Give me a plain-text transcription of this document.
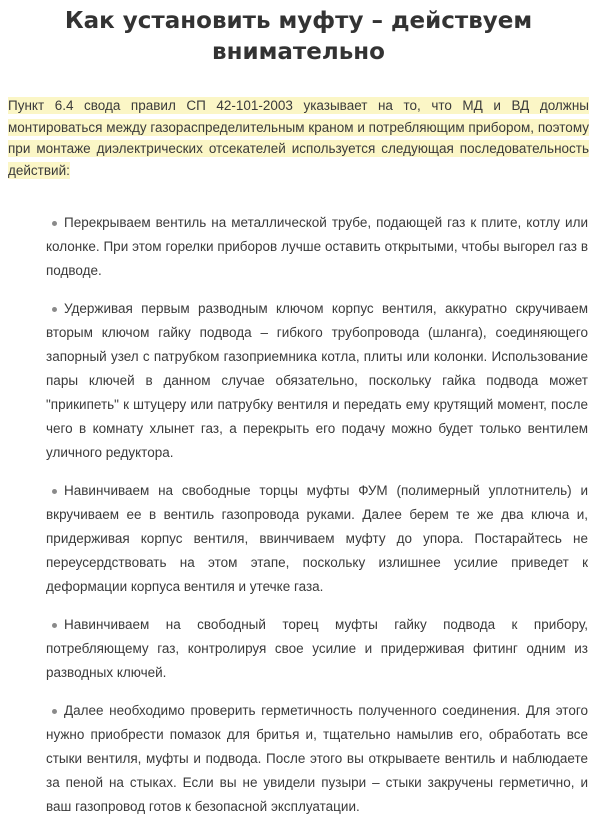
Как установить муфту – действуем внимательно

Пункт 6.4 свода правил СП 42-101-2003 указывает на то, что МД и ВД должны монтироваться между газораспределительным краном и потребляющим прибором, поэтому при монтаже диэлектрических отсекателей используется следующая последовательность действий:

Перекрываем вентиль на металлической трубе, подающей газ к плите, котлу или колонке. При этом горелки приборов лучше оставить открытыми, чтобы выгорел газ в подводе.
Удерживая первым разводным ключом корпус вентиля, аккуратно скручиваем вторым ключом гайку подвода – гибкого трубопровода (шланга), соединяющего запорный узел с патрубком газоприемника котла, плиты или колонки. Использование пары ключей в данном случае обязательно, поскольку гайка подвода может "прикипеть" к штуцеру или патрубку вентиля и передать ему крутящий момент, после чего в комнату хлынет газ, а перекрыть его подачу можно будет только вентилем уличного редуктора.
Навинчиваем на свободные торцы муфты ФУМ (полимерный уплотнитель) и вкручиваем ее в вентиль газопровода руками. Далее берем те же два ключа и, придерживая корпус вентиля, ввинчиваем муфту до упора. Постарайтесь не переусердствовать на этом этапе, поскольку излишнее усилие приведет к деформации корпуса вентиля и утечке газа.
Навинчиваем на свободный торец муфты гайку подвода к прибору, потребляющему газ, контролируя свое усилие и придерживая фитинг одним из разводных ключей.
Далее необходимо проверить герметичность полученного соединения. Для этого нужно приобрести помазок для бритья и, тщательно намылив его, обработать все стыки вентиля, муфты и подвода. После этого вы открываете вентиль и наблюдаете за пеной на стыках. Если вы не увидели пузыри – стыки закручены герметично, и ваш газопровод готов к безопасной эксплуатации.
